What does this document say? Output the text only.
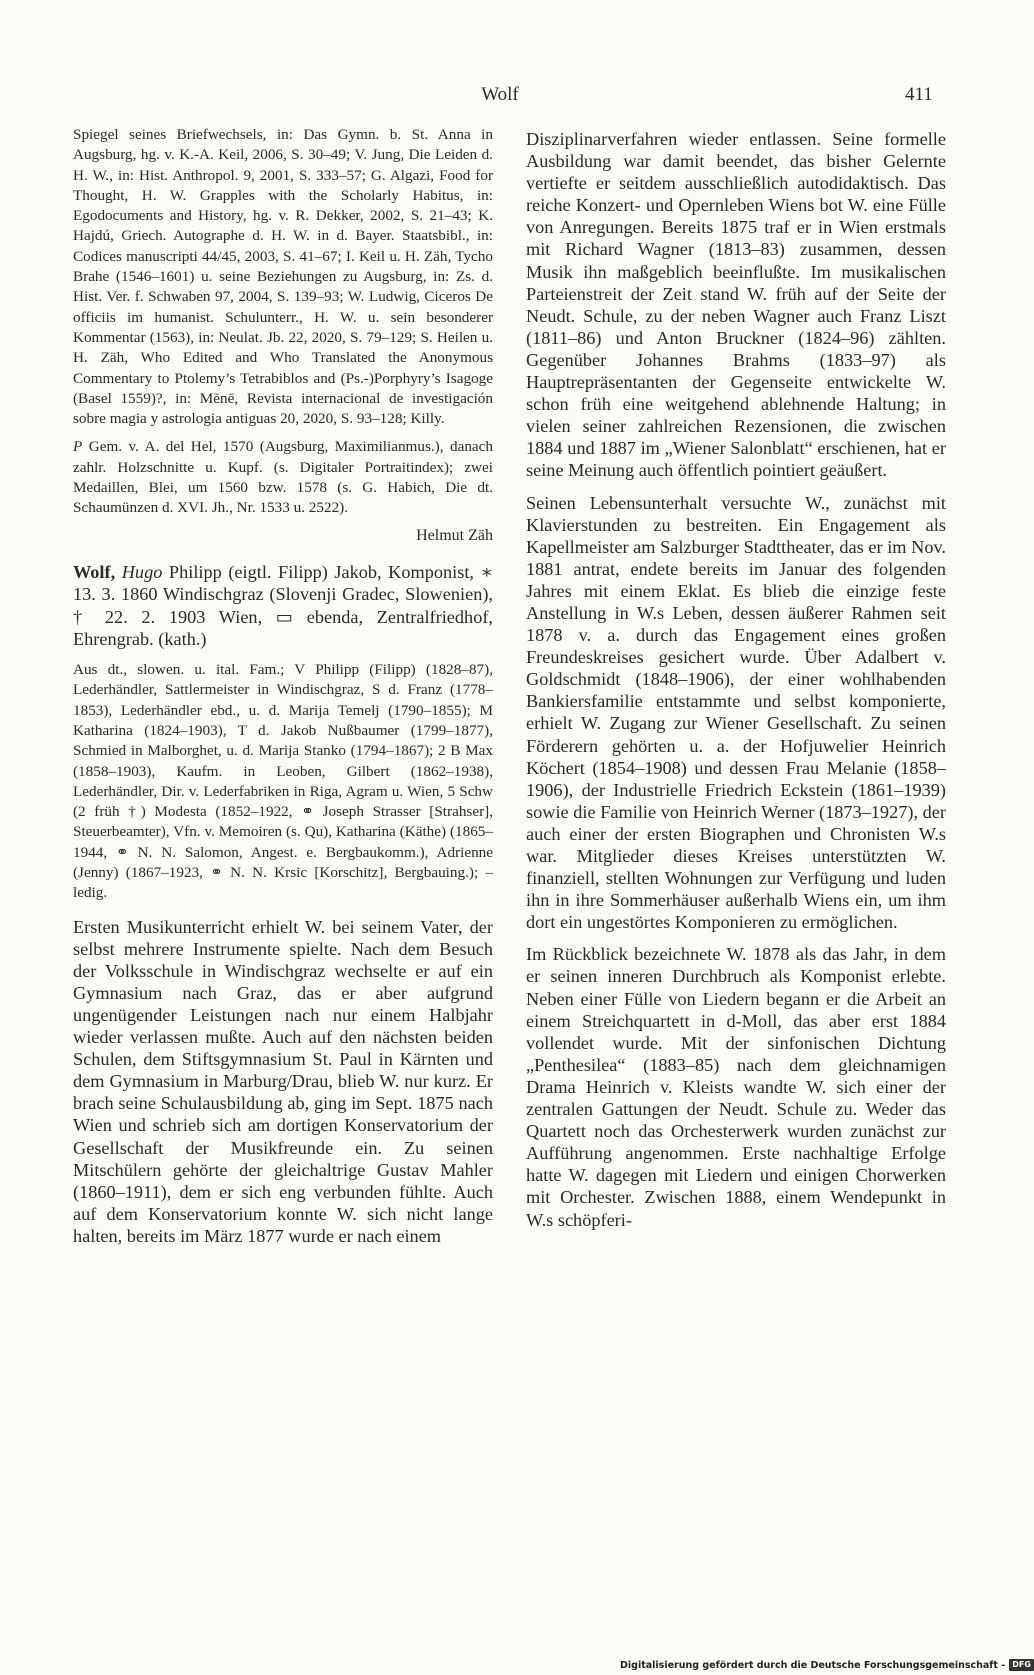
Wolf	411

Spiegel seines Briefwechsels, in: Das Gymn. b. St. Anna in Augsburg, hg. v. K.-A. Keil, 2006, S. 30–49; V. Jung, Die Leiden d. H. W., in: Hist. Anthropol. 9, 2001, S. 333–57; G. Algazi, Food for Thought, H. W. Grapples with the Scholarly Habitus, in: Egodocuments and History, hg. v. R. Dekker, 2002, S. 21–43; K. Hajdú, Griech. Autographe d. H. W. in d. Bayer. Staatsbibl., in: Codices manuscripti 44/45, 2003, S. 41–67; I. Keil u. H. Zäh, Tycho Brahe (1546–1601) u. seine Beziehungen zu Augsburg, in: Zs. d. Hist. Ver. f. Schwaben 97, 2004, S. 139–93; W. Ludwig, Ciceros De officiis im humanist. Schulunterr., H. W. u. sein besonderer Kommentar (1563), in: Neulat. Jb. 22, 2020, S. 79–129; S. Heilen u. H. Zäh, Who Edited and Who Translated the Anonymous Commentary to Ptolemy’s Tetrabiblos and (Ps.-)Porphyry’s Isagoge (Basel 1559)?, in: Mēnē, Revista internacional de investigación sobre magia y astrologia antiguas 20, 2020, S. 93–128; Killy.

P Gem. v. A. del Hel, 1570 (Augsburg, Maximilianmus.), danach zahlr. Holzschnitte u. Kupf. (s. Digitaler Portraitindex); zwei Medaillen, Blei, um 1560 bzw. 1578 (s. G. Habich, Die dt. Schaumünzen d. XVI. Jh., Nr. 1533 u. 2522).

Helmut Zäh

Wolf, Hugo Philipp (eigtl. Filipp) Jakob, Komponist, ∗ 13. 3. 1860 Windischgraz (Slovenji Gradec, Slowenien), † 22. 2. 1903 Wien, ▭ ebenda, Zentralfriedhof, Ehrengrab. (kath.)

Aus dt., slowen. u. ital. Fam.; V Philipp (Filipp) (1828–87), Lederhändler, Sattlermeister in Windischgraz, S d. Franz (1778–1853), Lederhändler ebd., u. d. Marija Temelj (1790–1855); M Katharina (1824–1903), T d. Jakob Nußbaumer (1799–1877), Schmied in Malborghet, u. d. Marija Stanko (1794–1867); 2 B Max (1858–1903), Kaufm. in Leoben, Gilbert (1862–1938), Lederhändler, Dir. v. Lederfabriken in Riga, Agram u. Wien, 5 Schw (2 früh †) Modesta (1852–1922, ⚭ Joseph Strasser [Strahser], Steuerbeamter), Vfn. v. Memoiren (s. Qu), Katharina (Käthe) (1865–1944, ⚭ N. N. Salomon, Angest. e. Bergbaukomm.), Adrienne (Jenny) (1867–1923, ⚭ N. N. Krsic [Korschitz], Bergbauing.); – ledig.

Ersten Musikunterricht erhielt W. bei seinem Vater, der selbst mehrere Instrumente spielte. Nach dem Besuch der Volksschule in Windischgraz wechselte er auf ein Gymnasium nach Graz, das er aber aufgrund ungenügender Leistungen nach nur einem Halbjahr wieder verlassen mußte. Auch auf den nächsten beiden Schulen, dem Stiftsgymnasium St. Paul in Kärnten und dem Gymnasium in Marburg/Drau, blieb W. nur kurz. Er brach seine Schulausbildung ab, ging im Sept. 1875 nach Wien und schrieb sich am dortigen Konservatorium der Gesellschaft der Musikfreunde ein. Zu seinen Mitschülern gehörte der gleichaltrige Gustav Mahler (1860–1911), dem er sich eng verbunden fühlte. Auch auf dem Konservatorium konnte W. sich nicht lange halten, bereits im März 1877 wurde er nach einem

Disziplinarverfahren wieder entlassen. Seine formelle Ausbildung war damit beendet, das bisher Gelernte vertiefte er seitdem ausschließlich autodidaktisch. Das reiche Konzert- und Opernleben Wiens bot W. eine Fülle von Anregungen. Bereits 1875 traf er in Wien erstmals mit Richard Wagner (1813–83) zusammen, dessen Musik ihn maßgeblich beeinflußte. Im musikalischen Parteienstreit der Zeit stand W. früh auf der Seite der Neudt. Schule, zu der neben Wagner auch Franz Liszt (1811–86) und Anton Bruckner (1824–96) zählten. Gegenüber Johannes Brahms (1833–97) als Hauptrepräsentanten der Gegenseite entwickelte W. schon früh eine weitgehend ablehnende Haltung; in vielen seiner zahlreichen Rezensionen, die zwischen 1884 und 1887 im „Wiener Salonblatt“ erschienen, hat er seine Meinung auch öffentlich pointiert geäußert.

Seinen Lebensunterhalt versuchte W., zunächst mit Klavierstunden zu bestreiten. Ein Engagement als Kapellmeister am Salzburger Stadttheater, das er im Nov. 1881 antrat, endete bereits im Januar des folgenden Jahres mit einem Eklat. Es blieb die einzige feste Anstellung in W.s Leben, dessen äußerer Rahmen seit 1878 v. a. durch das Engagement eines großen Freundeskreises gesichert wurde. Über Adalbert v. Goldschmidt (1848–1906), der einer wohlhabenden Bankiersfamilie entstammte und selbst komponierte, erhielt W. Zugang zur Wiener Gesellschaft. Zu seinen Förderern gehörten u. a. der Hofjuwelier Heinrich Köchert (1854–1908) und dessen Frau Melanie (1858–1906), der Industrielle Friedrich Eckstein (1861–1939) sowie die Familie von Heinrich Werner (1873–1927), der auch einer der ersten Biographen und Chronisten W.s war. Mitglieder dieses Kreises unterstützten W. finanziell, stellten Wohnungen zur Verfügung und luden ihn in ihre Sommerhäuser außerhalb Wiens ein, um ihm dort ein ungestörtes Komponieren zu ermöglichen.

Im Rückblick bezeichnete W. 1878 als das Jahr, in dem er seinen inneren Durchbruch als Komponist erlebte. Neben einer Fülle von Liedern begann er die Arbeit an einem Streichquartett in d-Moll, das aber erst 1884 vollendet wurde. Mit der sinfonischen Dichtung „Penthesilea“ (1883–85) nach dem gleichnamigen Drama Heinrich v. Kleists wandte W. sich einer der zentralen Gattungen der Neudt. Schule zu. Weder das Quartett noch das Orchesterwerk wurden zunächst zur Aufführung angenommen. Erste nachhaltige Erfolge hatte W. dagegen mit Liedern und einigen Chorwerken mit Orchester. Zwischen 1888, einem Wendepunkt in W.s schöpferi-

Digitalisierung gefördert durch die Deutsche Forschungsgemeinschaft - DFG
